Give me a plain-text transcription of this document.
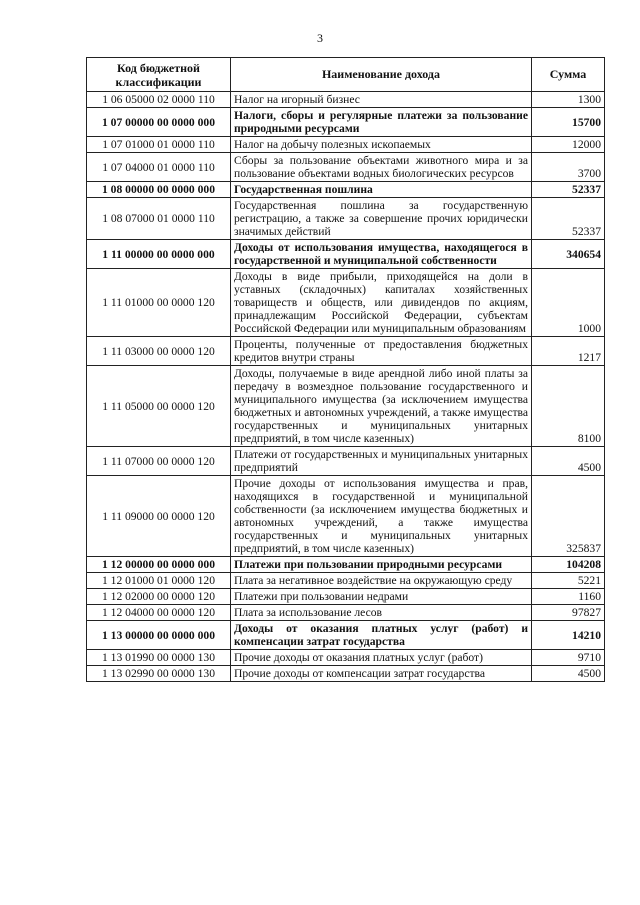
3
Код бюджетной классификации	Наименование дохода	Сумма
1 06 05000 02 0000 110	Налог на игорный бизнес	1300
1 07 00000 00 0000 000	Налоги, сборы и регулярные платежи за пользование природными ресурсами	15700
1 07 01000 01 0000 110	Налог на добычу полезных ископаемых	12000
1 07 04000 01 0000 110	Сборы за пользование объектами животного мира и за пользование объектами водных биологических ресурсов	3700
1 08 00000 00 0000 000	Государственная пошлина	52337
1 08 07000 01 0000 110	Государственная пошлина за государственную регистрацию, а также за совершение прочих юридически значимых действий	52337
1 11 00000 00 0000 000	Доходы от использования имущества, находящегося в государственной и муниципальной собственности	340654
1 11 01000 00 0000 120	Доходы в виде прибыли, приходящейся на доли в уставных (складочных) капиталах хозяйственных товариществ и обществ, или дивидендов по акциям, принадлежащим Российской Федерации, субъектам Российской Федерации или муниципальным образованиям	1000
1 11 03000 00 0000 120	Проценты, полученные от предоставления бюджетных кредитов внутри страны	1217
1 11 05000 00 0000 120	Доходы, получаемые в виде арендной либо иной платы за передачу в возмездное пользование государственного и муниципального имущества (за исключением имущества бюджетных и автономных учреждений, а также имущества государственных и муниципальных унитарных предприятий, в том числе казенных)	8100
1 11 07000 00 0000 120	Платежи от государственных и муниципальных унитарных предприятий	4500
1 11 09000 00 0000 120	Прочие доходы от использования имущества и прав, находящихся в государственной и муниципальной собственности (за исключением имущества бюджетных и автономных учреждений, а также имущества государственных и муниципальных унитарных предприятий, в том числе казенных)	325837
1 12 00000 00 0000 000	Платежи при пользовании природными ресурсами	104208
1 12 01000 01 0000 120	Плата за негативное воздействие на окружающую среду	5221
1 12 02000 00 0000 120	Платежи при пользовании недрами	1160
1 12 04000 00 0000 120	Плата за использование лесов	97827
1 13 00000 00 0000 000	Доходы от оказания платных услуг (работ) и компенсации затрат государства	14210
1 13 01990 00 0000 130	Прочие доходы от оказания платных услуг (работ)	9710
1 13 02990 00 0000 130	Прочие доходы от компенсации затрат государства	4500
